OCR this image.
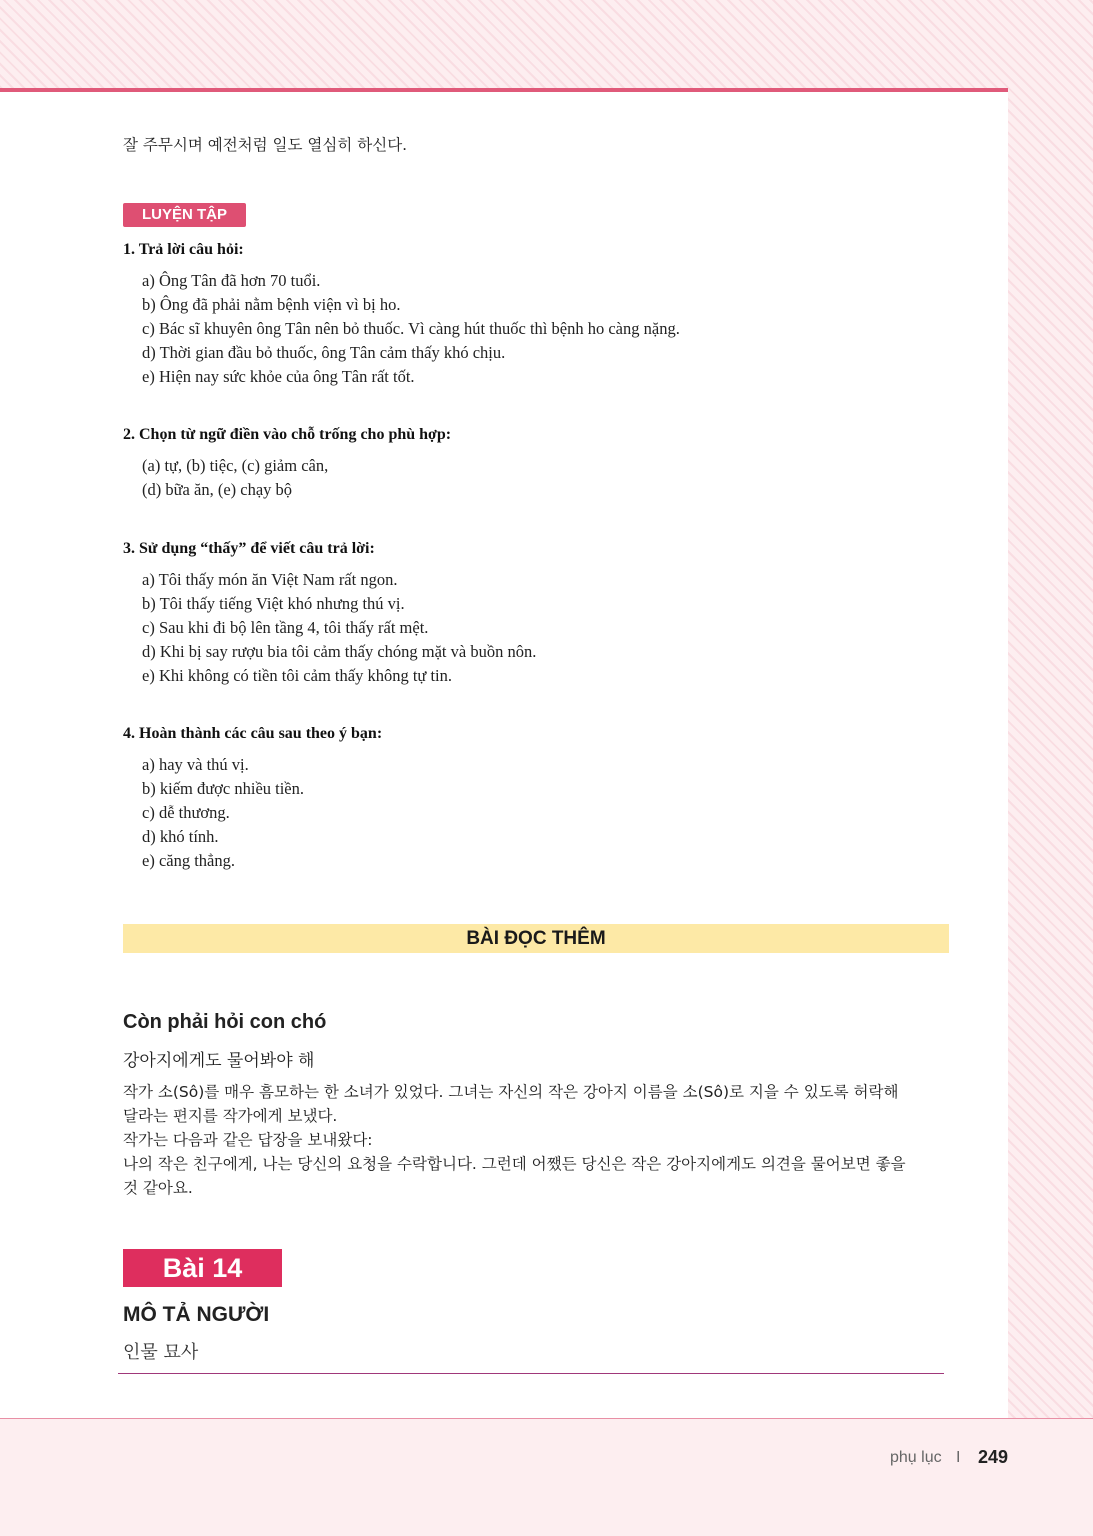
잘 주무시며 예전처럼 일도 열심히 하신다.
LUYỆN TẬP
1. Trả lời câu hỏi:
a) Ông Tân đã hơn 70 tuổi.
b) Ông đã phải nằm bệnh viện vì bị ho.
c) Bác sĩ khuyên ông Tân nên bỏ thuốc. Vì càng hút thuốc thì bệnh ho càng nặng.
d) Thời gian đầu bỏ thuốc, ông Tân cảm thấy khó chịu.
e) Hiện nay sức khỏe của ông Tân rất tốt.
2. Chọn từ ngữ điền vào chỗ trống cho phù hợp:
(a) tự, (b) tiệc, (c) giảm cân,
(d) bữa ăn, (e) chạy bộ
3. Sử dụng “thấy” để viết câu trả lời:
a) Tôi thấy món ăn Việt Nam rất ngon.
b) Tôi thấy tiếng Việt khó nhưng thú vị.
c) Sau khi đi bộ lên tầng 4, tôi thấy rất mệt.
d) Khi bị say rượu bia tôi cảm thấy chóng mặt và buồn nôn.
e) Khi không có tiền tôi cảm thấy không tự tin.
4. Hoàn thành các câu sau theo ý bạn:
a) hay và thú vị.
b) kiếm được nhiều tiền.
c) dễ thương.
d) khó tính.
e) căng thẳng.
BÀI ĐỌC THÊM
Còn phải hỏi con chó
강아지에게도 물어봐야 해
작가 소(Sô)를 매우 흠모하는 한 소녀가 있었다. 그녀는 자신의 작은 강아지 이름을 소(Sô)로 지을 수 있도록 허락해
달라는 편지를 작가에게 보냈다.
작가는 다음과 같은 답장을 보내왔다:
나의 작은 친구에게, 나는 당신의 요청을 수락합니다. 그런데 어쨌든 당신은 작은 강아지에게도 의견을 물어보면 좋을
것 같아요.
Bài 14
MÔ TẢ NGƯỜI
인물 묘사
phụ lục I 249
